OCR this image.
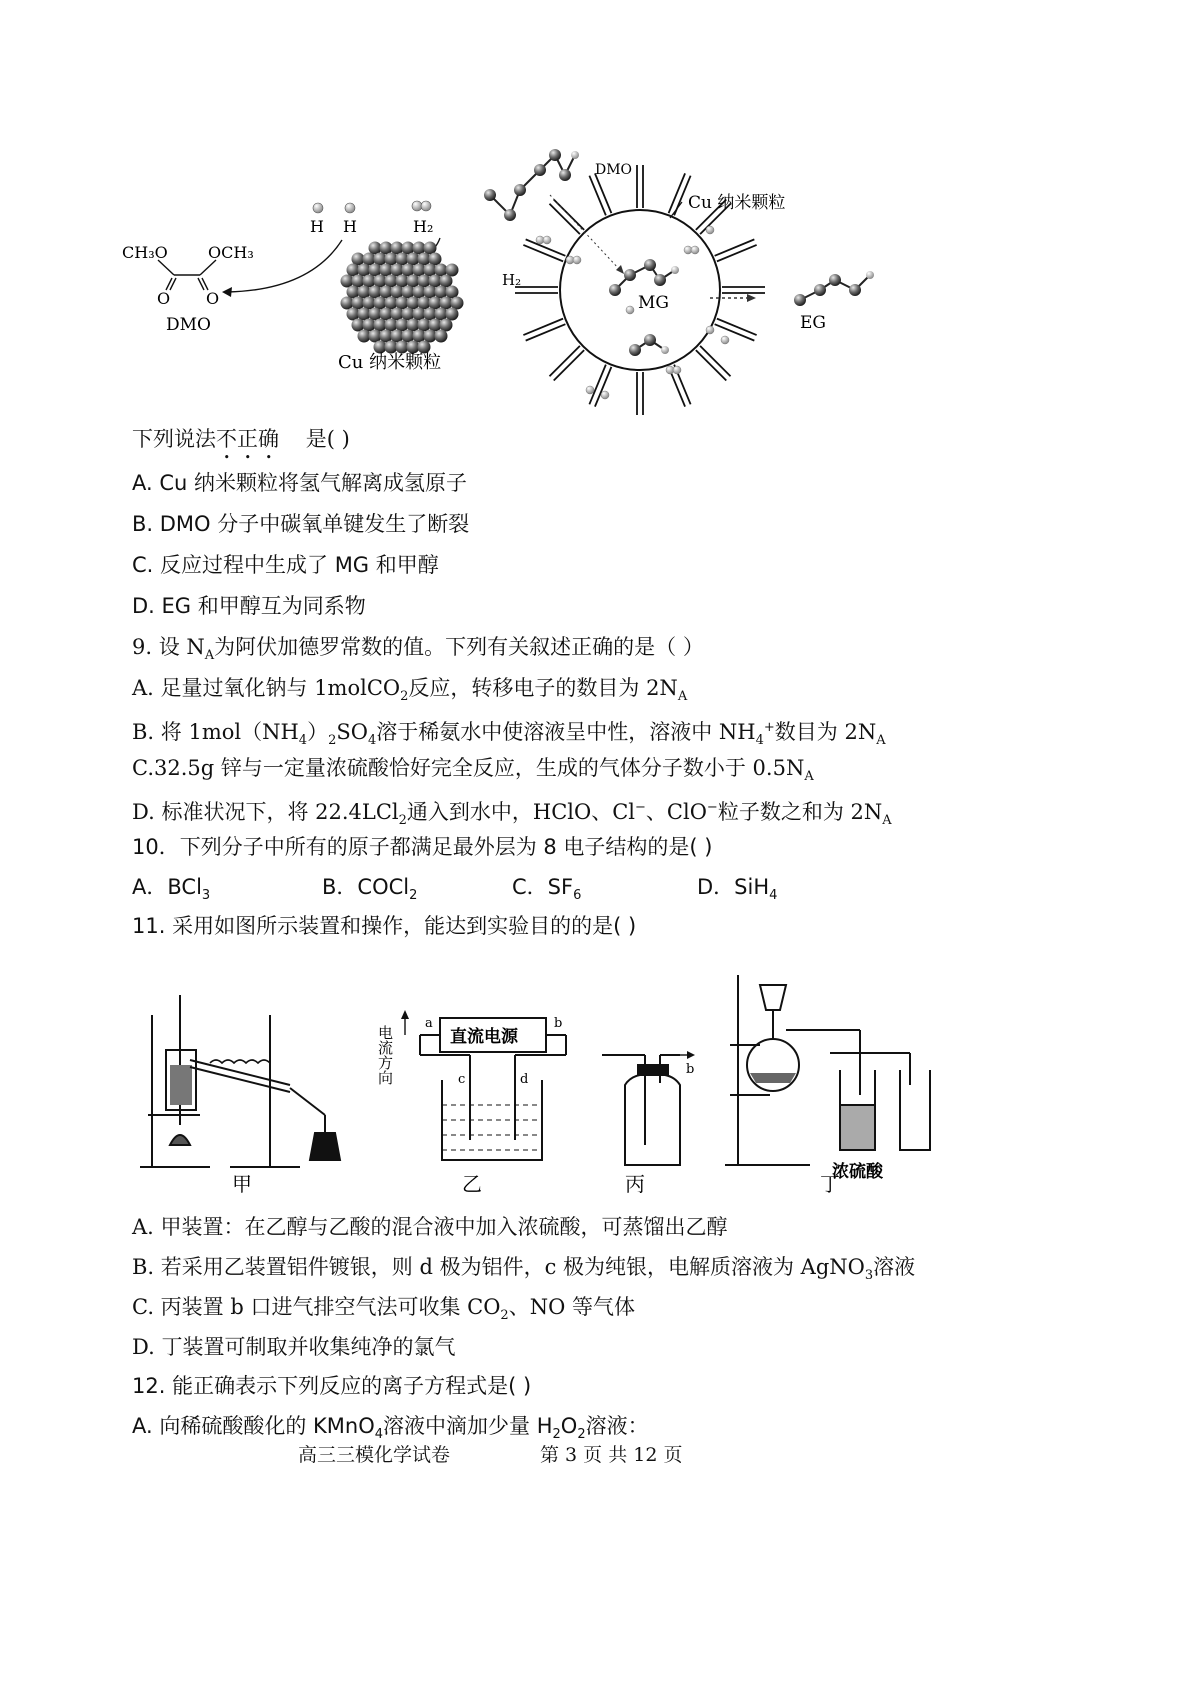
CH₃O	OCH₃
O O
DMO
H H	H₂
Cu 纳米颗粒
Cu 纳米颗粒
DMO
H₂
MG
EG
下列说法不正确 是( )
A. Cu 纳米颗粒将氢气解离成氢原子
B. DMO 分子中碳氧单键发生了断裂
C. 反应过程中生成了 MG 和甲醇
D. EG 和甲醇互为同系物
9. 设 $N_A$为阿伏加德罗常数的值。下列有关叙述正确的是（ ）
A. 足量过氧化钠与 1molCO$_2$反应，转移电子的数目为 $2N_A$
B. 将 $1mol(NH_4)_2SO_4$溶于稀氨水中使溶液呈中性，溶液中 $NH_4^+$数目为 $2N_A$
C.32.5g 锌与一定量浓硫酸恰好完全反应，生成的气体分子数小于 $0.5N_A$
D. 标准状况下，将 22.4LCl$_2$通入到水中，HClO、Cl−、ClO−粒子数之和为 $2N_A$
10．下列分子中所有的原子都满足最外层为 8 电子结构的是( )
A．BCl$_3$	B．COCl$_2$	C．$SF_6$	D．SiH$_4$
11. 采用如图所示装置和操作，能达到实验目的的是( )
甲	乙	丙	丁
直流电源
电流方向
a	b
c	d
b
浓硫酸
A. 甲装置：在乙醇与乙酸的混合液中加入浓硫酸，可蒸馏出乙醇
B. 若采用乙装置铝件镀银，则 d 极为铝件，c 极为纯银，电解质溶液为 AgNO$_3$溶液
C. 丙装置 b 口进气排空气法可收集 $CO_2$、NO 等气体
D. 丁装置可制取并收集纯净的氯气
12. 能正确表示下列反应的离子方程式是( )
A. 向稀硫酸酸化的 KMnO$_4$溶液中滴加少量 $H_2O_2$溶液：
高三三模化学试卷	第 3 页 共 12 页
